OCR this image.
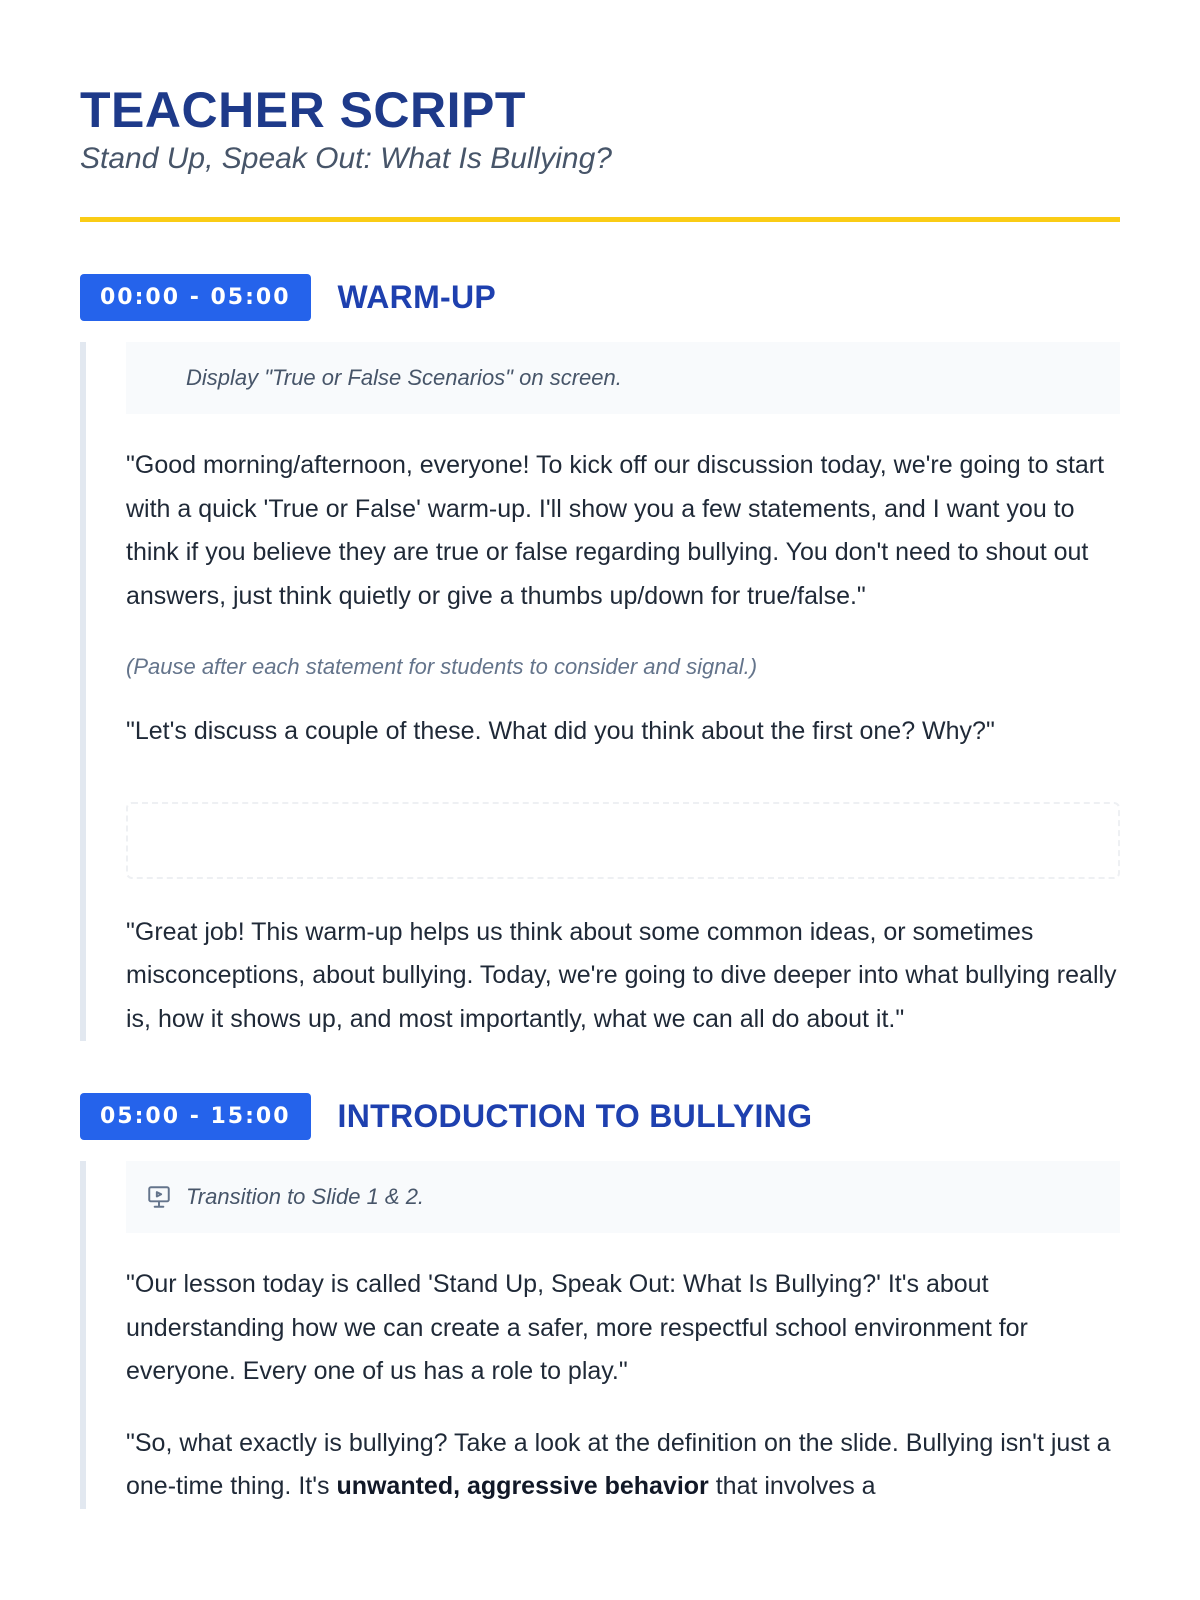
TEACHER SCRIPT

Stand Up, Speak Out: What Is Bullying?

00:00 - 05:00	WARM-UP
Display "True or False Scenarios" on screen.

"Good morning/afternoon, everyone! To kick off our discussion today, we're going to start with a quick 'True or False' warm-up. I'll show you a few statements, and I want you to think if you believe they are true or false regarding bullying. You don't need to shout out answers, just think quietly or give a thumbs up/down for true/false."

(Pause after each statement for students to consider and signal.)

"Let's discuss a couple of these. What did you think about the first one? Why?"

"Great job! This warm-up helps us think about some common ideas, or sometimes misconceptions, about bullying. Today, we're going to dive deeper into what bullying really is, how it shows up, and most importantly, what we can all do about it."

05:00 - 15:00	INTRODUCTION TO BULLYING
Transition to Slide 1 & 2.

"Our lesson today is called 'Stand Up, Speak Out: What Is Bullying?' It's about understanding how we can create a safer, more respectful school environment for everyone. Every one of us has a role to play."

"So, what exactly is bullying? Take a look at the definition on the slide. Bullying isn't just a one-time thing. It's unwanted, aggressive behavior that involves a
